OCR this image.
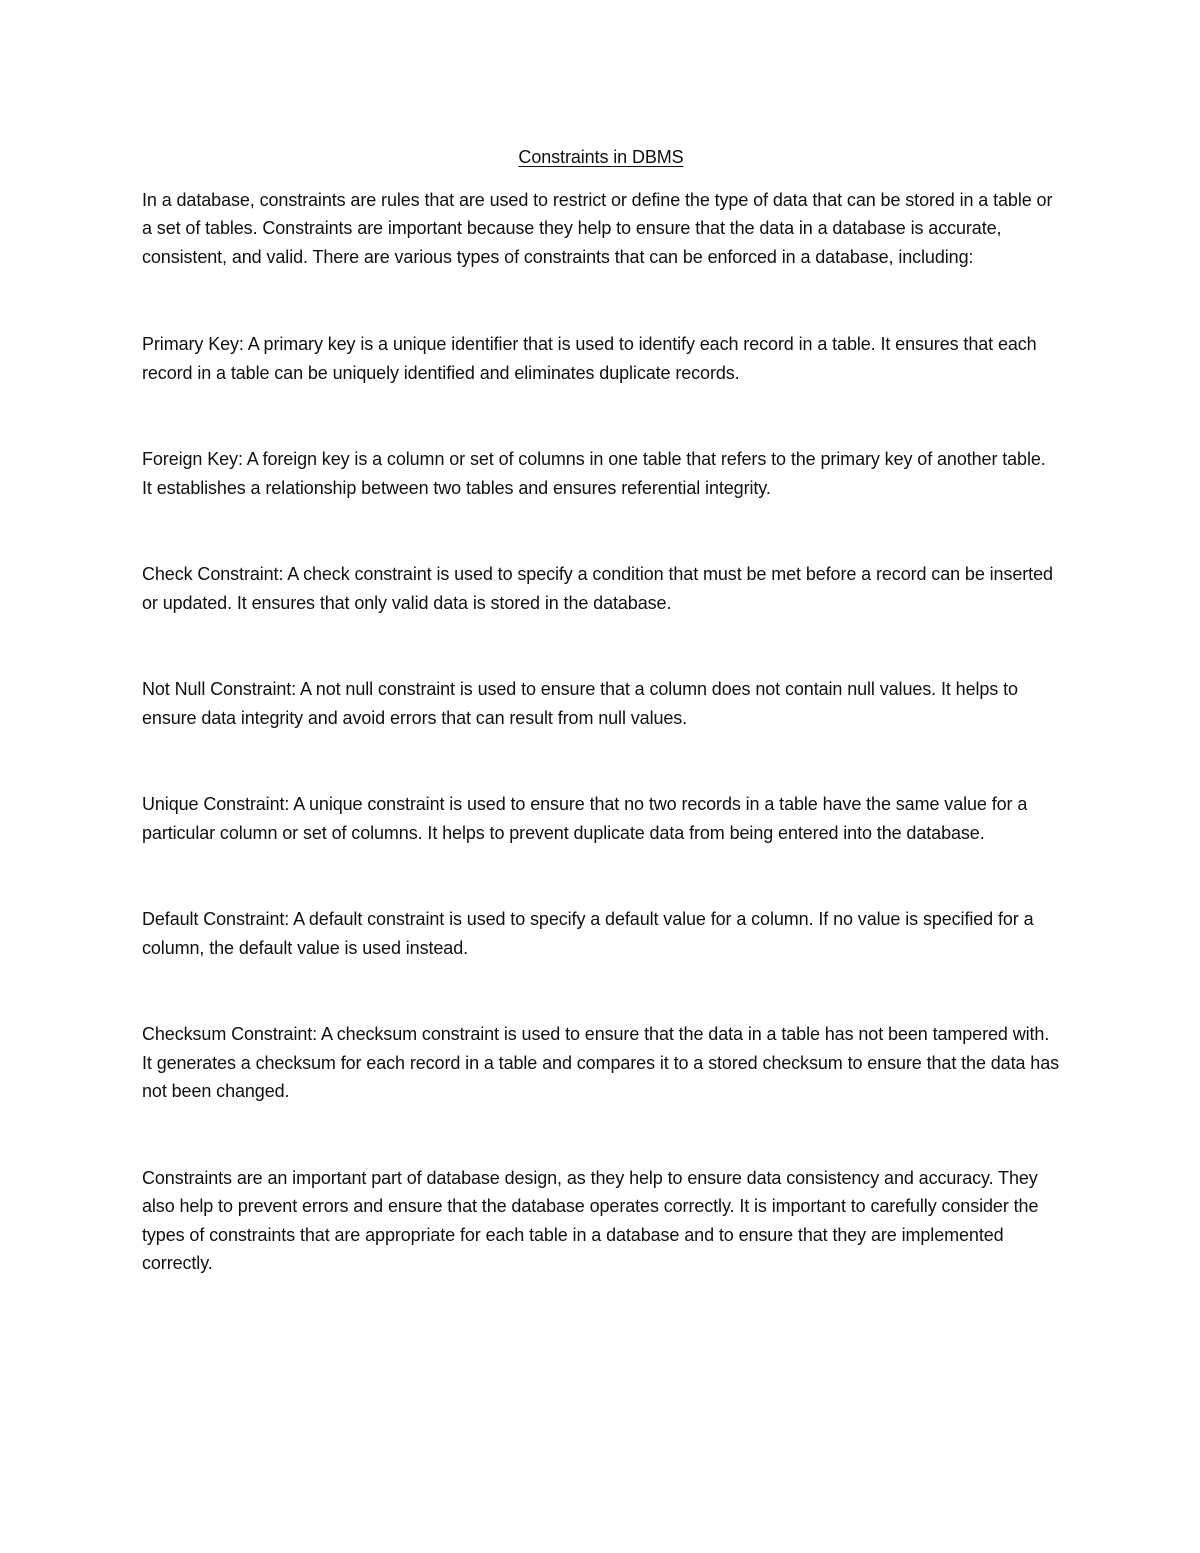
Constraints in DBMS

In a database, constraints are rules that are used to restrict or define the type of data that can be stored in a table or a set of tables. Constraints are important because they help to ensure that the data in a database is accurate, consistent, and valid. There are various types of constraints that can be enforced in a database, including:

Primary Key: A primary key is a unique identifier that is used to identify each record in a table. It ensures that each record in a table can be uniquely identified and eliminates duplicate records.

Foreign Key: A foreign key is a column or set of columns in one table that refers to the primary key of another table. It establishes a relationship between two tables and ensures referential integrity.

Check Constraint: A check constraint is used to specify a condition that must be met before a record can be inserted or updated. It ensures that only valid data is stored in the database.

Not Null Constraint: A not null constraint is used to ensure that a column does not contain null values. It helps to ensure data integrity and avoid errors that can result from null values.

Unique Constraint: A unique constraint is used to ensure that no two records in a table have the same value for a particular column or set of columns. It helps to prevent duplicate data from being entered into the database.

Default Constraint: A default constraint is used to specify a default value for a column. If no value is specified for a column, the default value is used instead.

Checksum Constraint: A checksum constraint is used to ensure that the data in a table has not been tampered with. It generates a checksum for each record in a table and compares it to a stored checksum to ensure that the data has not been changed.

Constraints are an important part of database design, as they help to ensure data consistency and accuracy. They also help to prevent errors and ensure that the database operates correctly. It is important to carefully consider the types of constraints that are appropriate for each table in a database and to ensure that they are implemented correctly.
